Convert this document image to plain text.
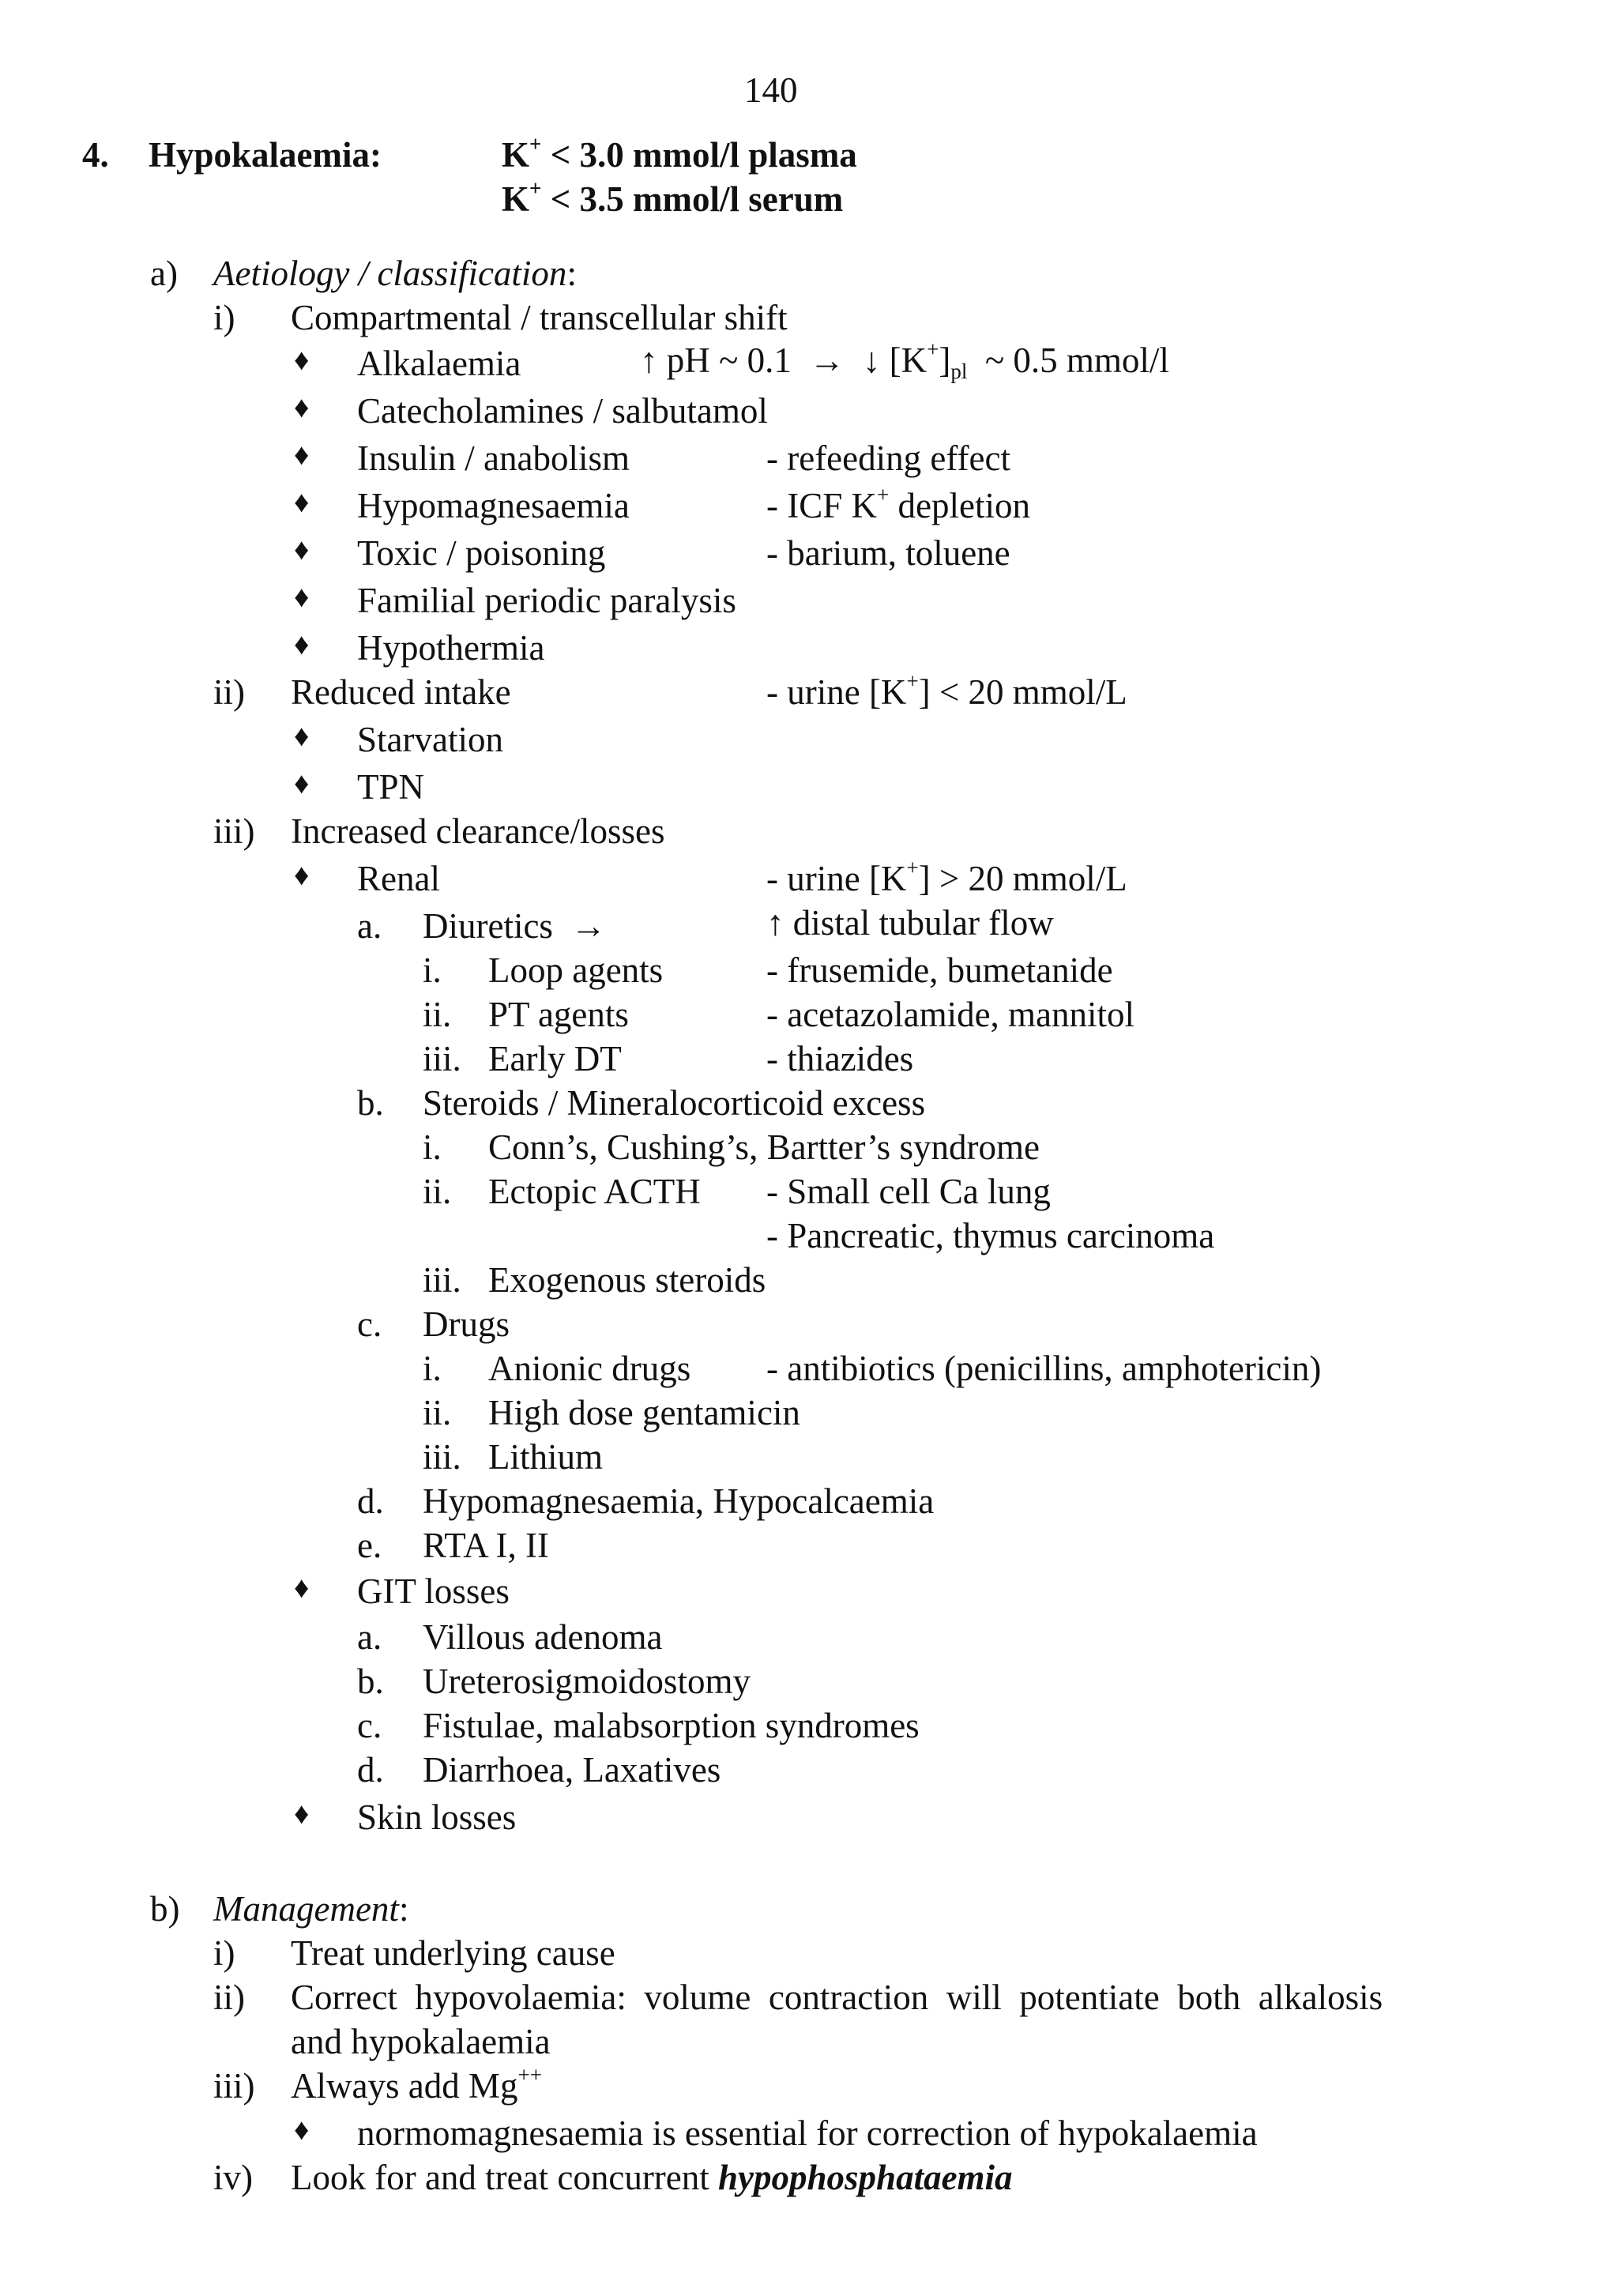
140
4. Hypokalaemia:	K+ < 3.0 mmol/l plasma
K+ < 3.5 mmol/l serum
a) Aetiology / classification:
i) Compartmental / transcellular shift
♦ Alkalaemia	↑ pH ~ 0.1 → ↓ $[K^+]_{pl}$ ~ 0.5 mmol/l
♦ Catecholamines / salbutamol
♦ Insulin / anabolism	- refeeding effect
♦ Hypomagnesaemia	- ICF K+ depletion
♦ Toxic / poisoning	- barium, toluene
♦ Familial periodic paralysis
♦ Hypothermia
ii) Reduced intake	- urine [K+] < 20 mmol/L
♦ Starvation
♦ TPN
iii) Increased clearance/losses
♦ Renal	- urine [K+] > 20 mmol/L
a. Diuretics →	↑ distal tubular flow
i. Loop agents	- frusemide, bumetanide
ii. PT agents	- acetazolamide, mannitol
iii. Early DT	- thiazides
b. Steroids / Mineralocorticoid excess
i. Conn’s, Cushing’s, Bartter’s syndrome
ii. Ectopic ACTH - Small cell Ca lung
- Pancreatic, thymus carcinoma
iii. Exogenous steroids
c. Drugs
i. Anionic drugs - antibiotics (penicillins, amphotericin)
ii. High dose gentamicin
iii. Lithium
d. Hypomagnesaemia, Hypocalcaemia
e. RTA I, II
♦ GIT losses
a. Villous adenoma
b. Ureterosigmoidostomy
c. Fistulae, malabsorption syndromes
d. Diarrhoea, Laxatives
♦ Skin losses
b) Management:
i) Treat underlying cause
ii) Correct  hypovolaemia:  volume  contraction  will  potentiate  both  alkalosis
and hypokalaemia
iii) Always add Mg++
♦ normomagnesaemia is essential for correction of hypokalaemia
iv) Look for and treat concurrent hypophosphataemia
